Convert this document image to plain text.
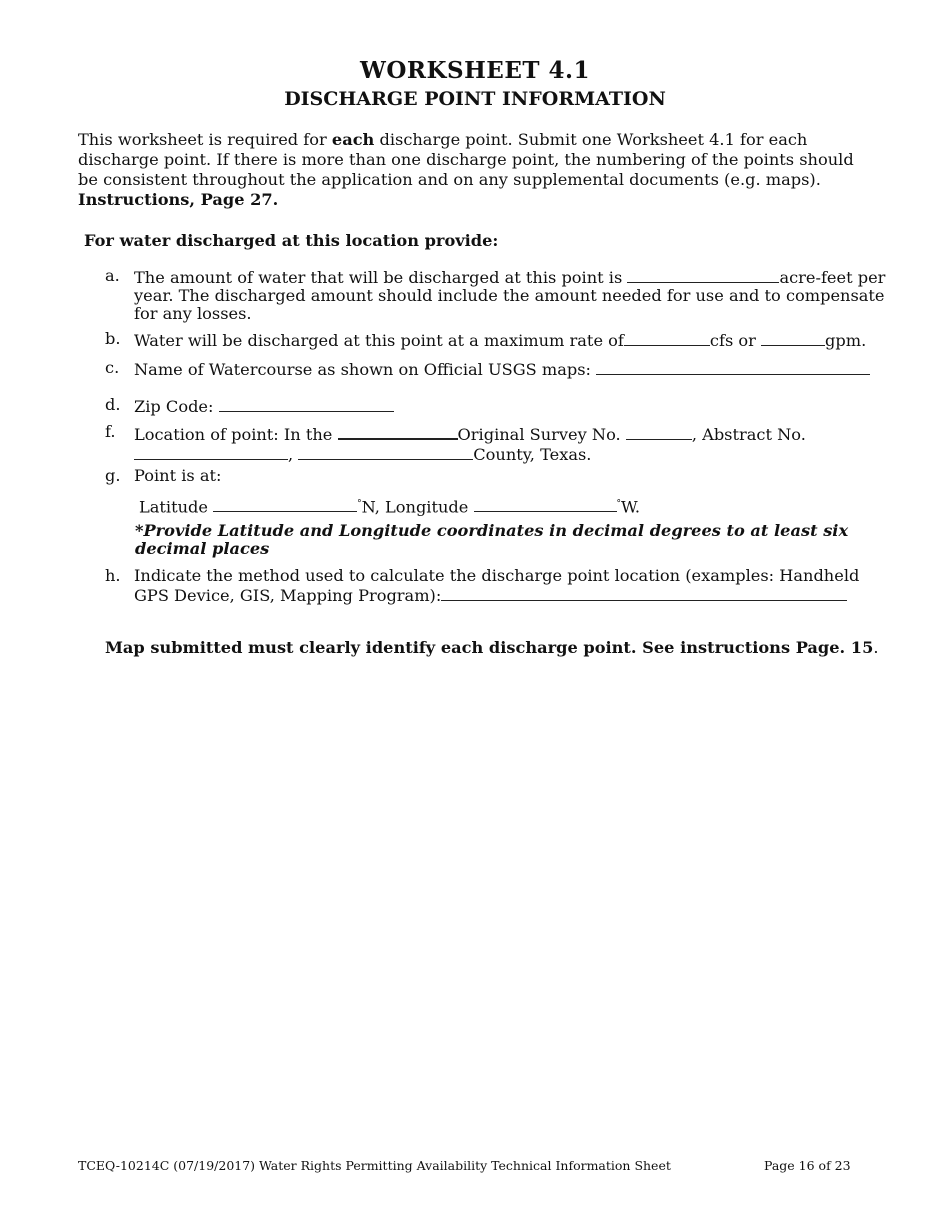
WORKSHEET 4.1
DISCHARGE POINT INFORMATION
This worksheet is required for each discharge point. Submit one Worksheet 4.1 for each discharge point. If there is more than one discharge point, the numbering of the points should be consistent throughout the application and on any supplemental documents (e.g. maps).
Instructions, Page 27.
For water discharged at this location provide:
a. The amount of water that will be discharged at this point is	acre-feet per year. The discharged amount should include the amount needed for use and to compensate for any losses.
b. Water will be discharged at this point at a maximum rate of	cfs or	gpm.
c. Name of Watercourse as shown on Official USGS maps:
d. Zip Code:
f.	Location of point: In the	Original Survey No.	, Abstract No.,	County, Texas.
g. Point is at:
Latitude	°N, Longitude	°W.
*Provide Latitude and Longitude coordinates in decimal degrees to at least six decimal places
h. Indicate the method used to calculate the discharge point location (examples: Handheld GPS Device, GIS, Mapping Program):
Map submitted must clearly identify each discharge point. See instructions Page. 15.
TCEQ-10214C (07/19/2017) Water Rights Permitting Availability Technical Information Sheet	Page 16 of 23
